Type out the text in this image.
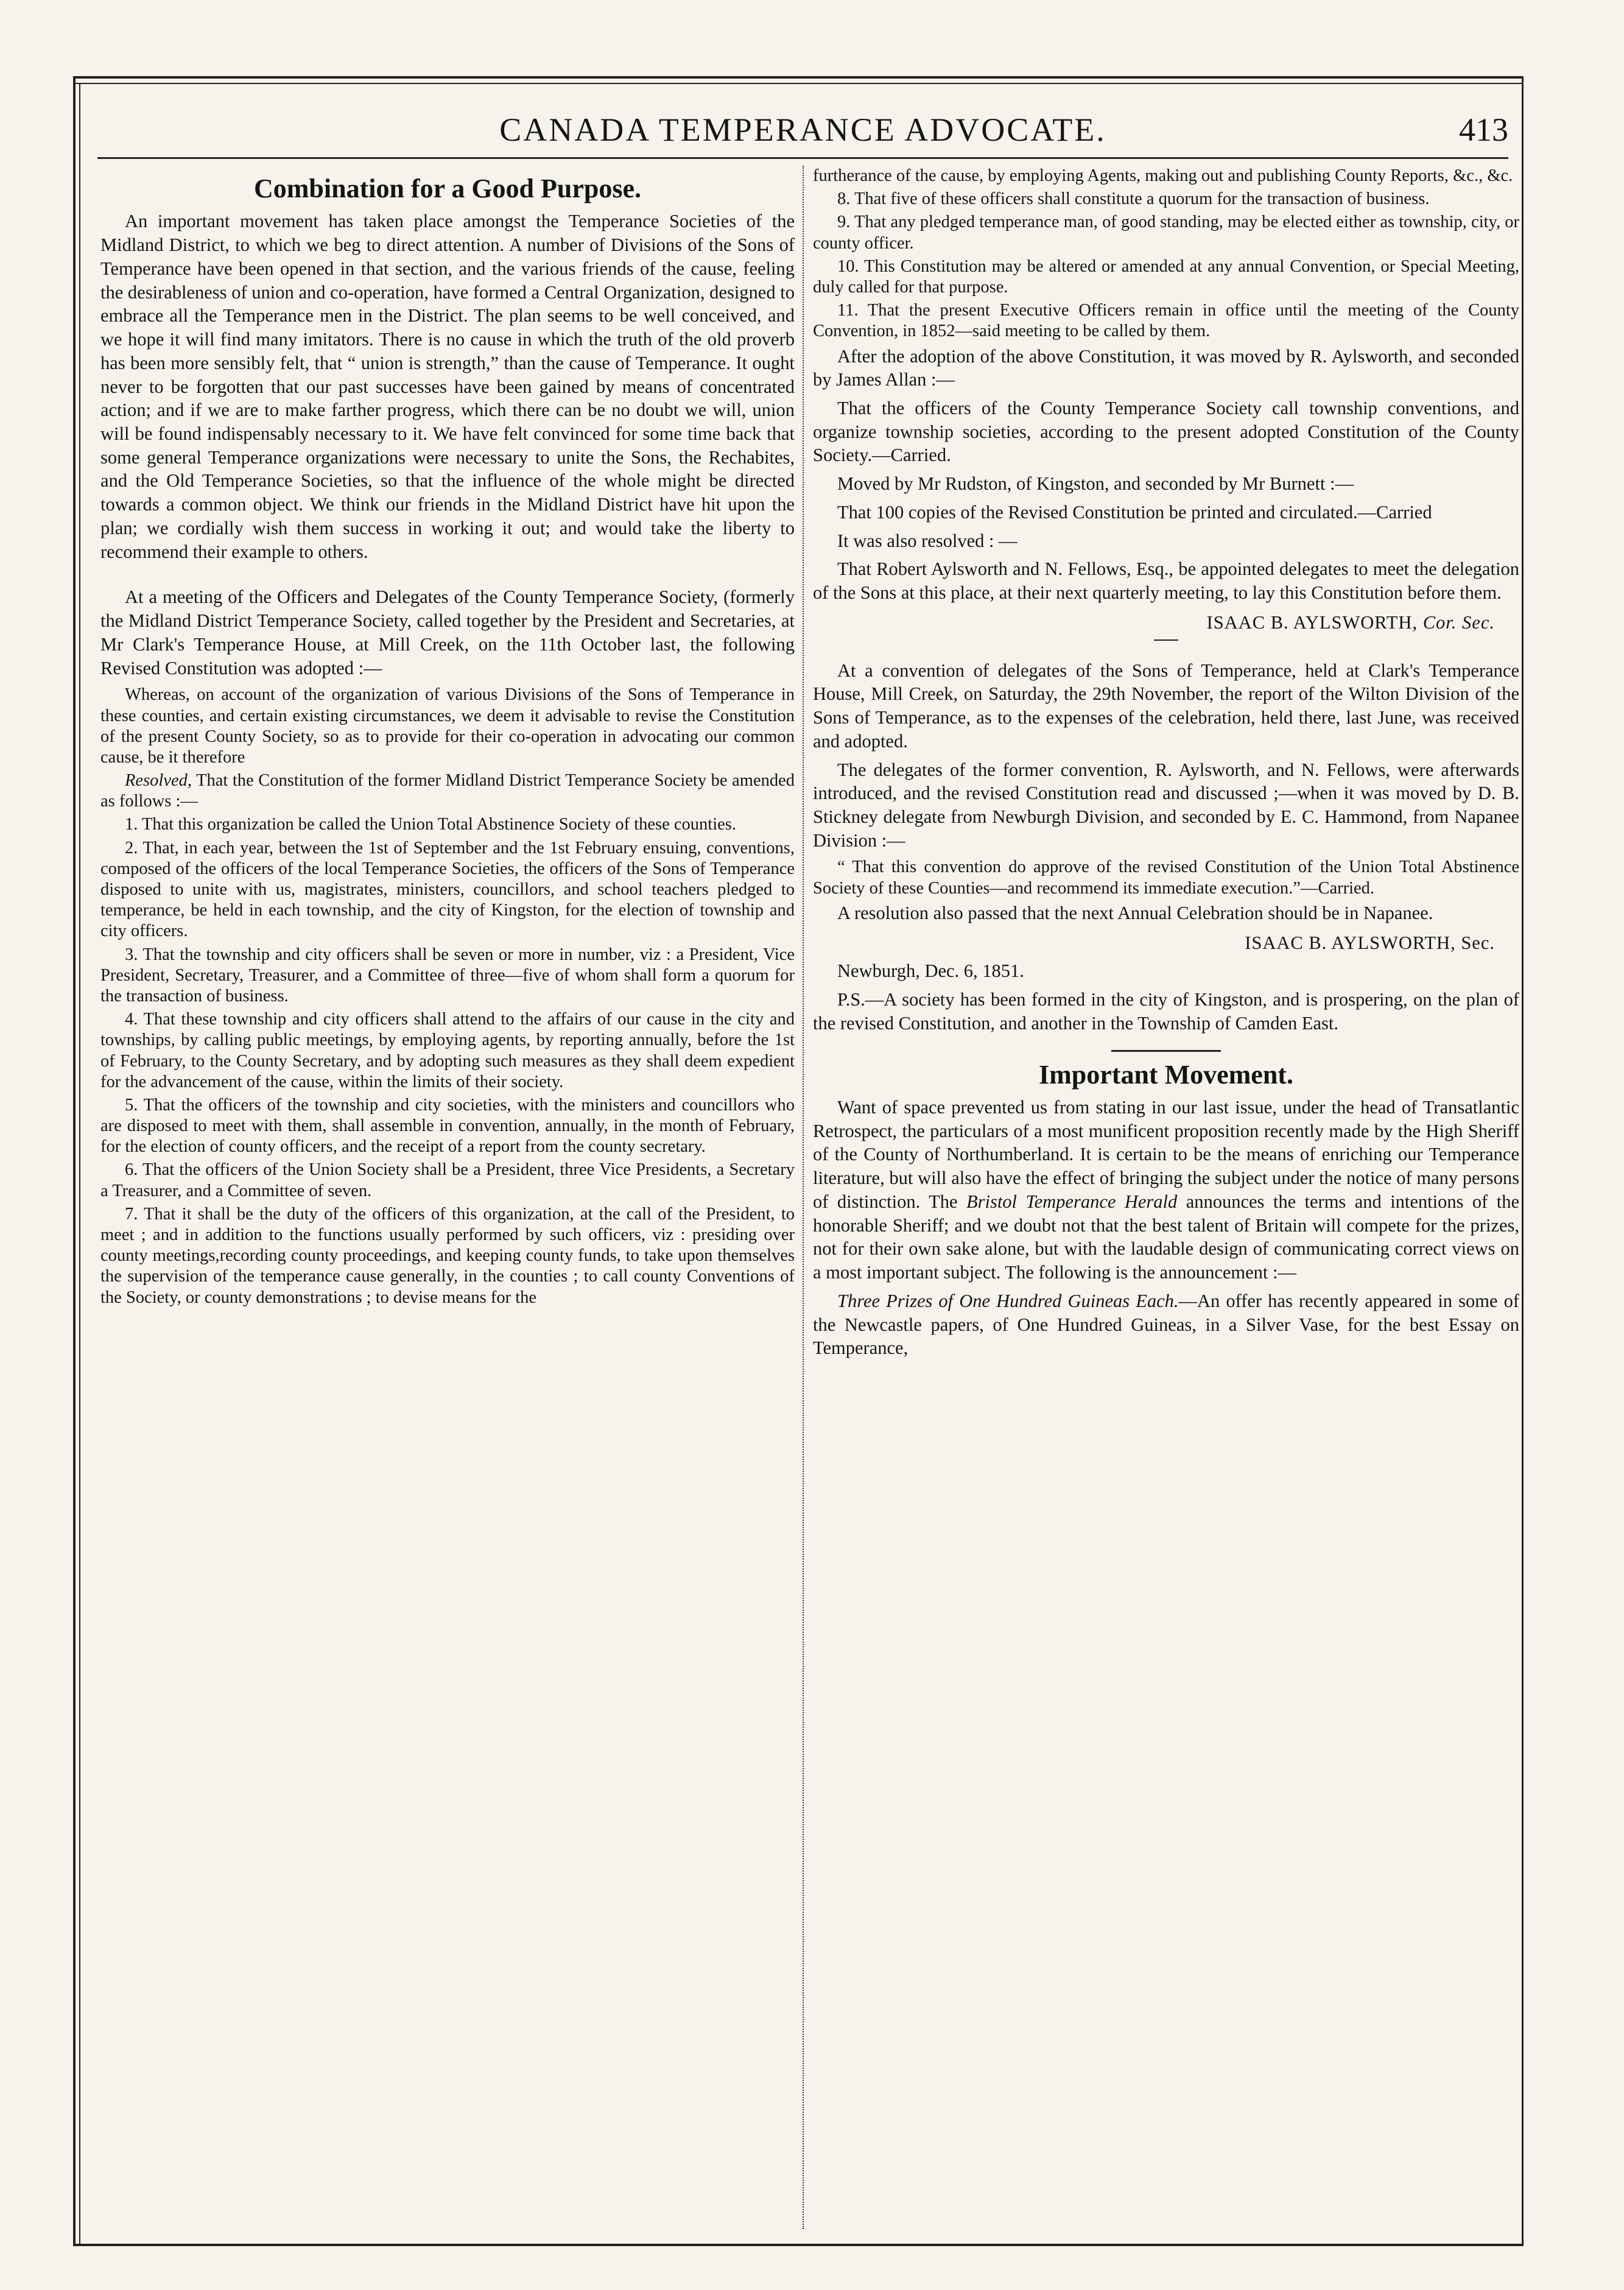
CANADA TEMPERANCE ADVOCATE.	413
Combination for a Good Purpose.

An important movement has taken place amongst the Temperance Societies of the Midland District, to which we beg to direct attention. A number of Divisions of the Sons of Temperance have been opened in that section, and the various friends of the cause, feeling the desirableness of union and co-operation, have formed a Central Organization, designed to embrace all the Temperance men in the District. The plan seems to be well conceived, and we hope it will find many imitators. There is no cause in which the truth of the old proverb has been more sensibly felt, that “ union is strength,” than the cause of Temperance. It ought never to be forgotten that our past successes have been gained by means of concentrated action; and if we are to make farther progress, which there can be no doubt we will, union will be found indispensably necessary to it. We have felt convinced for some time back that some general Temperance organizations were necessary to unite the Sons, the Rechabites, and the Old Temperance Societies, so that the influence of the whole might be directed towards a common object. We think our friends in the Midland District have hit upon the plan; we cordially wish them success in working it out; and would take the liberty to recommend their example to others.

At a meeting of the Officers and Delegates of the County Temperance Society, (formerly the Midland District Temperance Society, called together by the President and Secretaries, at Mr Clark's Temperance House, at Mill Creek, on the 11th October last, the following Revised Constitution was adopted :—

Whereas, on account of the organization of various Divisions of the Sons of Temperance in these counties, and certain existing circumstances, we deem it advisable to revise the Constitution of the present County Society, so as to provide for their co-operation in advocating our common cause, be it therefore

Resolved, That the Constitution of the former Midland District Temperance Society be amended as follows :—

1. That this organization be called the Union Total Abstinence Society of these counties.

2. That, in each year, between the 1st of September and the 1st February ensuing, conventions, composed of the officers of the local Temperance Societies, the officers of the Sons of Temperance disposed to unite with us, magistrates, ministers, councillors, and school teachers pledged to temperance, be held in each township, and the city of Kingston, for the election of township and city officers.

3. That the township and city officers shall be seven or more in number, viz : a President, Vice President, Secretary, Treasurer, and a Committee of three—five of whom shall form a quorum for the transaction of business.

4. That these township and city officers shall attend to the affairs of our cause in the city and townships, by calling public meetings, by employing agents, by reporting annually, before the 1st of February, to the County Secretary, and by adopting such measures as they shall deem expedient for the advancement of the cause, within the limits of their society.

5. That the officers of the township and city societies, with the ministers and councillors who are disposed to meet with them, shall assemble in convention, annually, in the month of February, for the election of county officers, and the receipt of a report from the county secretary.

6. That the officers of the Union Society shall be a President, three Vice Presidents, a Secretary a Treasurer, and a Committee of seven.

7. That it shall be the duty of the officers of this organization, at the call of the President, to meet ; and in addition to the functions usually performed by such officers, viz : presiding over county meetings,recording county proceedings, and keeping county funds, to take upon themselves the supervision of the temperance cause generally, in the counties ; to call county Conventions of the Society, or county demonstrations ; to devise means for the

furtherance of the cause, by employing Agents, making out and publishing County Reports, &c., &c.

8. That five of these officers shall constitute a quorum for the transaction of business.

9. That any pledged temperance man, of good standing, may be elected either as township, city, or county officer.

10. This Constitution may be altered or amended at any annual Convention, or Special Meeting, duly called for that purpose.

11. That the present Executive Officers remain in office until the meeting of the County Convention, in 1852—said meeting to be called by them.

After the adoption of the above Constitution, it was moved by R. Aylsworth, and seconded by James Allan :—

That the officers of the County Temperance Society call township conventions, and organize township societies, according to the present adopted Constitution of the County Society.—Carried.

Moved by Mr Rudston, of Kingston, and seconded by Mr Burnett :—

That 100 copies of the Revised Constitution be printed and circulated.—Carried

It was also resolved : —

That Robert Aylsworth and N. Fellows, Esq., be appointed delegates to meet the delegation of the Sons at this place, at their next quarterly meeting, to lay this Constitution before them.

ISAAC B. AYLSWORTH, Cor. Sec.

At a convention of delegates of the Sons of Temperance, held at Clark's Temperance House, Mill Creek, on Saturday, the 29th November, the report of the Wilton Division of the Sons of Temperance, as to the expenses of the celebration, held there, last June, was received and adopted.

The delegates of the former convention, R. Aylsworth, and N. Fellows, were afterwards introduced, and the revised Constitution read and discussed ;—when it was moved by D. B. Stickney delegate from Newburgh Division, and seconded by E. C. Hammond, from Napanee Division :—

“ That this convention do approve of the revised Constitution of the Union Total Abstinence Society of these Counties—and recommend its immediate execution.”—Carried.

A resolution also passed that the next Annual Celebration should be in Napanee.

ISAAC B. AYLSWORTH, Sec.

Newburgh, Dec. 6, 1851.

P.S.—A society has been formed in the city of Kingston, and is prospering, on the plan of the revised Constitution, and another in the Township of Camden East.

Important Movement.

Want of space prevented us from stating in our last issue, under the head of Transatlantic Retrospect, the particulars of a most munificent proposition recently made by the High Sheriff of the County of Northumberland. It is certain to be the means of enriching our Temperance literature, but will also have the effect of bringing the subject under the notice of many persons of distinction. The Bristol Temperance Herald announces the terms and intentions of the honorable Sheriff; and we doubt not that the best talent of Britain will compete for the prizes, not for their own sake alone, but with the laudable design of communicating correct views on a most important subject. The following is the announcement :—

Three Prizes of One Hundred Guineas Each.—An offer has recently appeared in some of the Newcastle papers, of One Hundred Guineas, in a Silver Vase, for the best Essay on Temperance,
